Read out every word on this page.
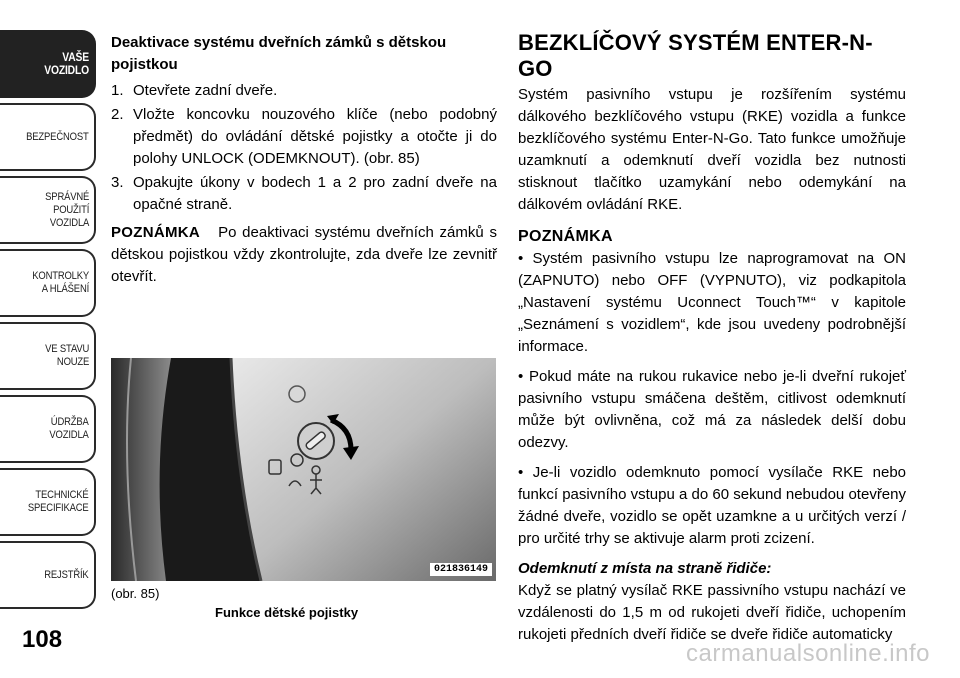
VAŠE
VOZIDLO
BEZPEČNOST
SPRÁVNÉ
POUŽITÍ
VOZIDLA
KONTROLKY
A HLÁŠENÍ
VE STAVU
NOUZE
ÚDRŽBA
VOZIDLA
TECHNICKÉ
SPECIFIKACE
REJSTŘÍK
108
Deaktivace systému dveřních zámků s dětskou pojistkou
1. Otevřete zadní dveře.
2. Vložte koncovku nouzového klíče (nebo podobný předmět) do ovládání dětské pojistky a otočte ji do polohy UNLOCK (ODEMKNOUT). (obr. 85)
3. Opakujte úkony v bodech 1 a 2 pro zadní dveře na opačné straně.
POZNÁMKA Po deaktivaci systému dveřních zámků s dětskou pojistkou vždy zkontrolujte, zda dveře lze zevnitř otevřít.
021836149
(obr. 85)
Funkce dětské pojistky
BEZKLÍČOVÝ SYSTÉM ENTER-N-GO

Systém pasivního vstupu je rozšířením systému dálkového bezklíčového vstupu (RKE) vozidla a funkce bezklíčového systému Enter-N-Go. Tato funkce umožňuje uzamknutí a odemknutí dveří vozidla bez nutnosti stisknout tlačítko uzamykání nebo odemykání na dálkovém ovládání RKE.

POZNÁMKA

• Systém pasivního vstupu lze naprogramovat na ON (ZAPNUTO) nebo OFF (VYPNUTO), viz podkapitola „Nastavení systému Uconnect Touch™“ v kapitole „Seznámení s vozidlem“, kde jsou uvedeny podrobnější informace.

• Pokud máte na rukou rukavice nebo je-li dveřní rukojeť pasivního vstupu smáčena deštěm, citlivost odemknutí může být ovlivněna, což má za následek delší dobu odezvy.

• Je-li vozidlo odemknuto pomocí vysílače RKE nebo funkcí pasivního vstupu a do 60 sekund nebudou otevřeny žádné dveře, vozidlo se opět uzamkne a u určitých verzí / pro určité trhy se aktivuje alarm proti zcizení.

Odemknutí z místa na straně řidiče:

Když se platný vysílač RKE passivního vstupu nachází ve vzdálenosti do 1,5 m od rukojeti dveří řidiče, uchopením rukojeti předních dveří řidiče se dveře řidiče automaticky

carmanualsonline.info
